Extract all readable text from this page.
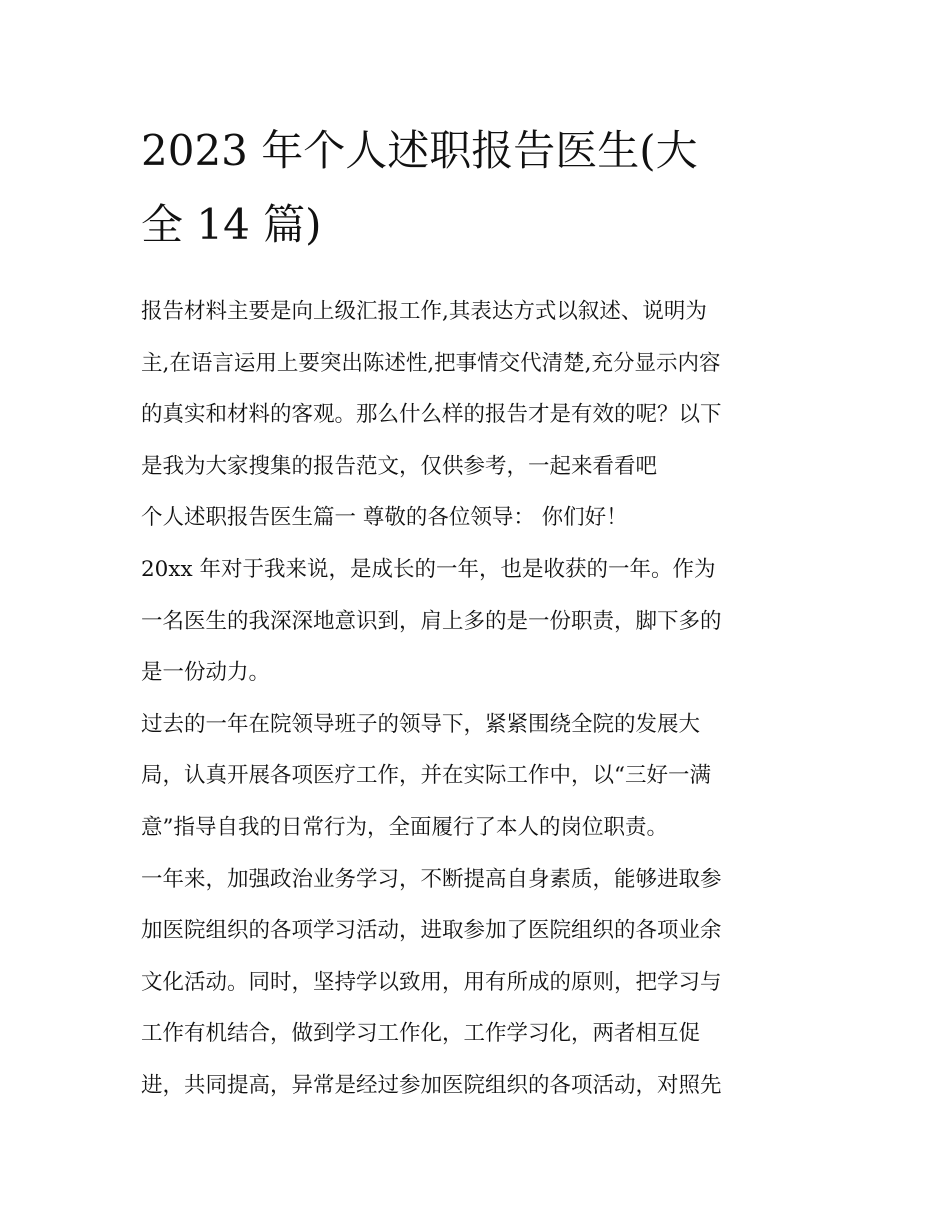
2023 年个人述职报告医生(大
全 14 篇)
报告材料主要是向上级汇报工作,其表达方式以叙述、说明为
主,在语言运用上要突出陈述性,把事情交代清楚,充分显示内容
的真实和材料的客观。那么什么样的报告才是有效的呢？以下
是我为大家搜集的报告范文，仅供参考，一起来看看吧
个人述职报告医生篇一 尊敬的各位领导： 你们好！
20xx 年对于我来说，是成长的一年，也是收获的一年。作为
一名医生的我深深地意识到，肩上多的是一份职责，脚下多的
是一份动力。
过去的一年在院领导班子的领导下，紧紧围绕全院的发展大
局，认真开展各项医疗工作，并在实际工作中，以“三好一满
意”指导自我的日常行为，全面履行了本人的岗位职责。
一年来，加强政治业务学习，不断提高自身素质，能够进取参
加医院组织的各项学习活动，进取参加了医院组织的各项业余
文化活动。同时，坚持学以致用，用有所成的原则，把学习与
工作有机结合，做到学习工作化，工作学习化，两者相互促
进，共同提高，异常是经过参加医院组织的各项活动，对照先
